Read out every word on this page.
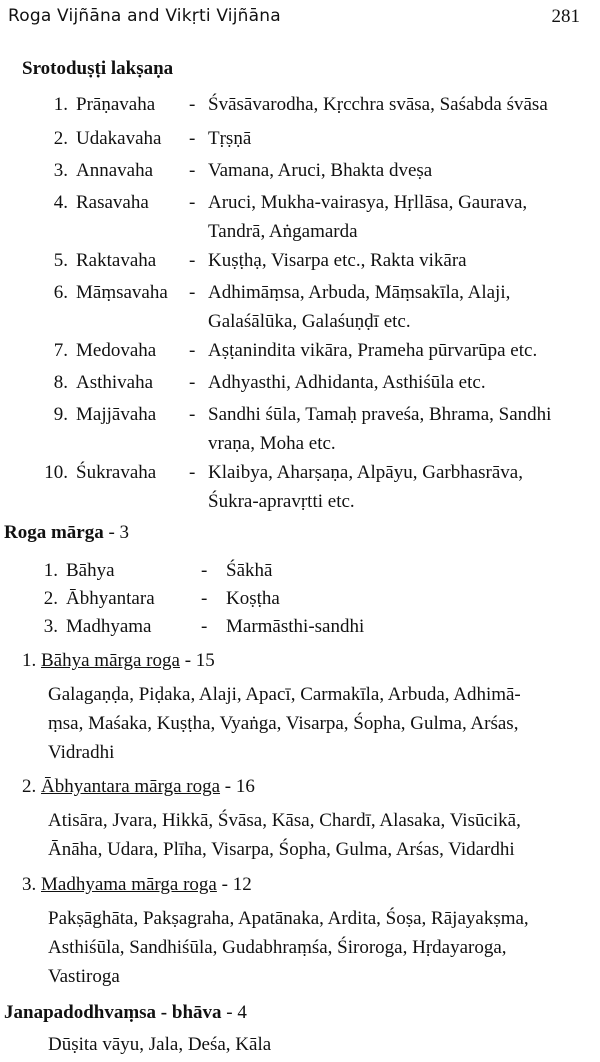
Roga Vijñāna and Vikṛti Vijñāna	281
Srotoduṣṭi lakṣaṇa
1. Prāṇavaha - Śvāsāvarodha, Kṛcchra svāsa, Saśabda śvāsa
2. Udakavaha - Tṛṣṇā
3. Annavaha - Vamana, Aruci, Bhakta dveṣa
4. Rasavaha - Aruci, Mukha-vairasya, Hṛllāsa, Gaurava,
Tandrā, Aṅgamarda
5. Raktavaha - Kuṣṭhạ, Visarpa etc., Rakta vikāra
6. Māṃsavaha - Adhimāṃsa, Arbuda, Māṃsakīla, Alaji,
Galaśālūka, Galaśuṇḍī etc.
7. Medovaha - Aṣṭanindita vikāra, Prameha pūrvarūpa etc.
8. Asthivaha - Adhyasthi, Adhidanta, Asthiśūla etc.
9. Majjāvaha - Sandhi śūla, Tamaḥ praveśa, Bhrama, Sandhi
vraṇa, Moha etc.
10. Śukravaha - Klaibya, Aharṣaṇa, Alpāyu, Garbhasrāva,
Śukra-apravṛtti etc.
Roga mārga - 3
1. Bāhya	- Śākhā
2. Ābhyantara - Koṣṭha
3. Madhyama	- Marmāsthi-sandhi
1. Bāhya mārga roga - 15
Galagaṇḍa, Piḍaka, Alaji, Apacī, Carmakīla, Arbuda, Adhimā-
ṃsa, Maśaka, Kuṣṭha, Vyaṅga, Visarpa, Śopha, Gulma, Arśas,
Vidradhi
2. Ābhyantara mārga roga - 16
Atisāra, Jvara, Hikkā, Śvāsa, Kāsa, Chardī, Alasaka, Visūcikā,
Ānāha, Udara, Plīha, Visarpa, Śopha, Gulma, Arśas, Vidardhi
3. Madhyama mārga roga - 12
Pakṣāghāta, Pakṣagraha, Apatānaka, Ardita, Śoṣa, Rājayakṣma,
Asthiśūla, Sandhiśūla, Gudabhraṃśa, Śiroroga, Hṛdayaroga,
Vastiroga
Janapadodhvaṃsa - bhāva - 4
Dūṣita vāyu, Jala, Deśa, Kāla
